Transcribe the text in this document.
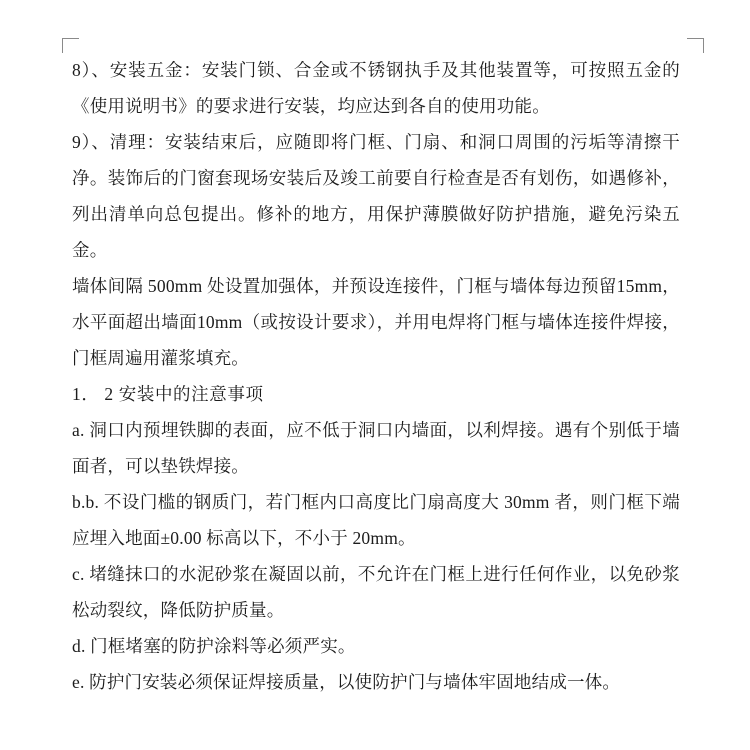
8）、安装五金：安装门锁、合金或不锈钢执手及其他装置等，可按照五金的《使用说明书》的要求进行安装，均应达到各自的使用功能。

9）、清理：安装结束后，应随即将门框、门扇、和洞口周围的污垢等清擦干净。装饰后的门窗套现场安装后及竣工前要自行检查是否有划伤，如遇修补，列出清单向总包提出。修补的地方，用保护薄膜做好防护措施，避免污染五金。

墙体间隔 500mm 处设置加强体，并预设连接件，门框与墙体每边预留15mm，水平面超出墙面10mm（或按设计要求），并用电焊将门框与墙体连接件焊接，门框周遍用灌浆填充。

1． 2 安装中的注意事项

a. 洞口内预埋铁脚的表面，应不低于洞口内墙面，以利焊接。遇有个别低于墙面者，可以垫铁焊接。

b.b. 不设门槛的钢质门，若门框内口高度比门扇高度大 30mm 者，则门框下端应埋入地面±0.00 标高以下，不小于 20mm。

c. 堵缝抹口的水泥砂浆在凝固以前，不允许在门框上进行任何作业，以免砂浆松动裂纹，降低防护质量。

d. 门框堵塞的防护涂料等必须严实。

e. 防护门安装必须保证焊接质量，以使防护门与墙体牢固地结成一体。
